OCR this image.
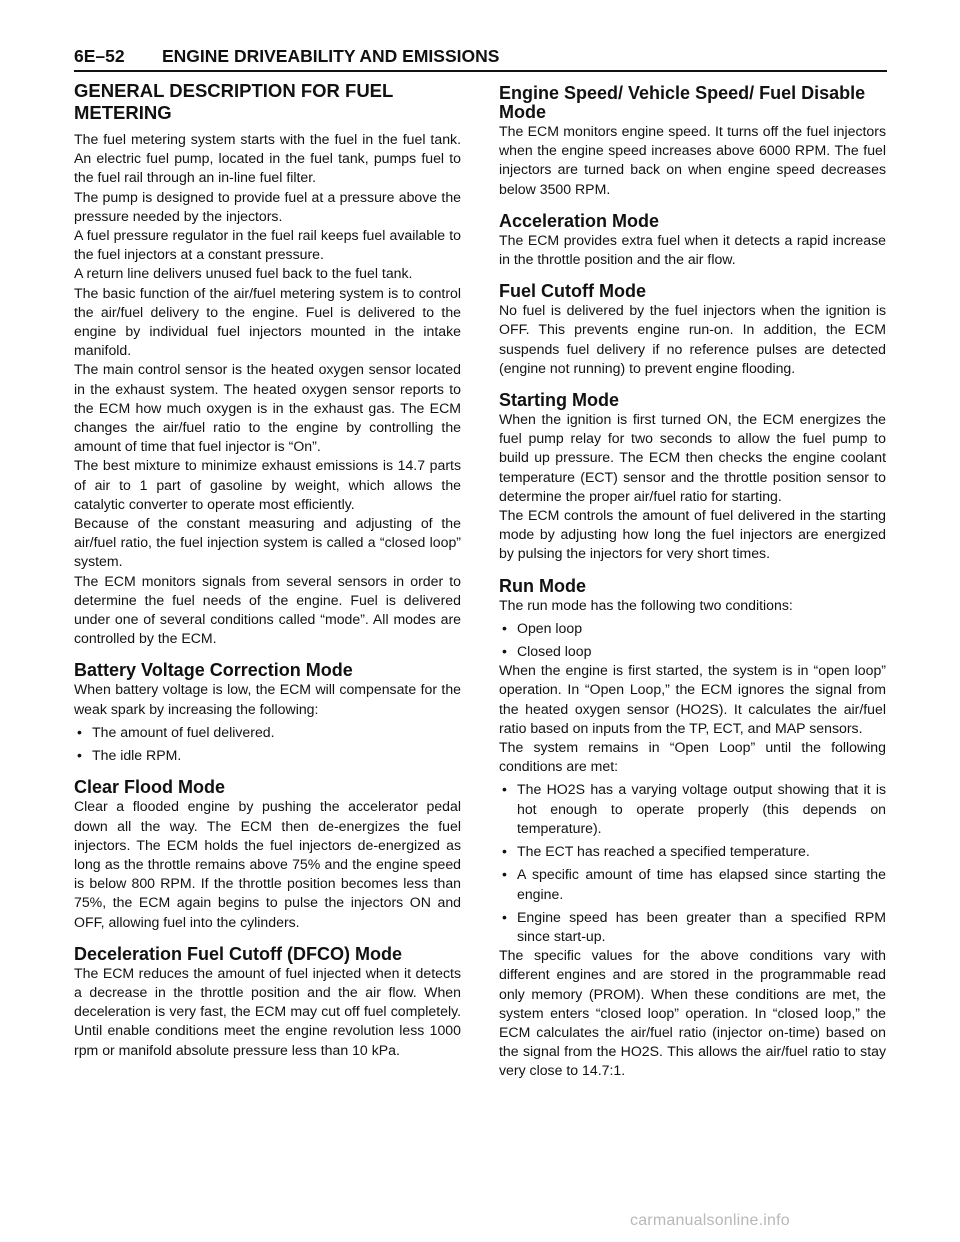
6E–52 ENGINE DRIVEABILITY AND EMISSIONS
GENERAL DESCRIPTION FOR FUEL METERING

The fuel metering system starts with the fuel in the fuel tank. An electric fuel pump, located in the fuel tank, pumps fuel to the fuel rail through an in-line fuel filter.

The pump is designed to provide fuel at a pressure above the pressure needed by the injectors.

A fuel pressure regulator in the fuel rail keeps fuel available to the fuel injectors at a constant pressure.

A return line delivers unused fuel back to the fuel tank.

The basic function of the air/fuel metering system is to control the air/fuel delivery to the engine. Fuel is delivered to the engine by individual fuel injectors mounted in the intake manifold.

The main control sensor is the heated oxygen sensor located in the exhaust system. The heated oxygen sensor reports to the ECM how much oxygen is in the exhaust gas. The ECM changes the air/fuel ratio to the engine by controlling the amount of time that fuel injector is “On”.

The best mixture to minimize exhaust emissions is 14.7 parts of air to 1 part of gasoline by weight, which allows the catalytic converter to operate most efficiently.

Because of the constant measuring and adjusting of the air/fuel ratio, the fuel injection system is called a “closed loop” system.

The ECM monitors signals from several sensors in order to determine the fuel needs of the engine. Fuel is delivered under one of several conditions called “mode”. All modes are controlled by the ECM.

Battery Voltage Correction Mode

When battery voltage is low, the ECM will compensate for the weak spark by increasing the following:

• The amount of fuel delivered.
• The idle RPM.
Clear Flood Mode

Clear a flooded engine by pushing the accelerator pedal down all the way. The ECM then de-energizes the fuel injectors. The ECM holds the fuel injectors de-energized as long as the throttle remains above 75% and the engine speed is below 800 RPM. If the throttle position becomes less than 75%, the ECM again begins to pulse the injectors ON and OFF, allowing fuel into the cylinders.

Deceleration Fuel Cutoff (DFCO) Mode

The ECM reduces the amount of fuel injected when it detects a decrease in the throttle position and the air flow. When deceleration is very fast, the ECM may cut off fuel completely. Until enable conditions meet the engine revolution less 1000 rpm or manifold absolute pressure less than 10 kPa.

Engine Speed/ Vehicle Speed/ Fuel Disable Mode

The ECM monitors engine speed. It turns off the fuel injectors when the engine speed increases above 6000 RPM. The fuel injectors are turned back on when engine speed decreases below 3500 RPM.

Acceleration Mode

The ECM provides extra fuel when it detects a rapid increase in the throttle position and the air flow.

Fuel Cutoff Mode

No fuel is delivered by the fuel injectors when the ignition is OFF. This prevents engine run-on. In addition, the ECM suspends fuel delivery if no reference pulses are detected (engine not running) to prevent engine flooding.

Starting Mode

When the ignition is first turned ON, the ECM energizes the fuel pump relay for two seconds to allow the fuel pump to build up pressure. The ECM then checks the engine coolant temperature (ECT) sensor and the throttle position sensor to determine the proper air/fuel ratio for starting.

The ECM controls the amount of fuel delivered in the starting mode by adjusting how long the fuel injectors are energized by pulsing the injectors for very short times.

Run Mode

The run mode has the following two conditions:

• Open loop
• Closed loop

When the engine is first started, the system is in “open loop” operation. In “Open Loop,” the ECM ignores the signal from the heated oxygen sensor (HO2S). It calculates the air/fuel ratio based on inputs from the TP, ECT, and MAP sensors.

The system remains in “Open Loop” until the following conditions are met:

• The HO2S has a varying voltage output showing that it is hot enough to operate properly (this depends on temperature).
• The ECT has reached a specified temperature.
• A specific amount of time has elapsed since starting the engine.
• Engine speed has been greater than a specified RPM since start-up.

The specific values for the above conditions vary with different engines and are stored in the programmable read only memory (PROM). When these conditions are met, the system enters “closed loop” operation. In “closed loop,” the ECM calculates the air/fuel ratio (injector on-time) based on the signal from the HO2S. This allows the air/fuel ratio to stay very close to 14.7:1.

carmanualsonline.info
